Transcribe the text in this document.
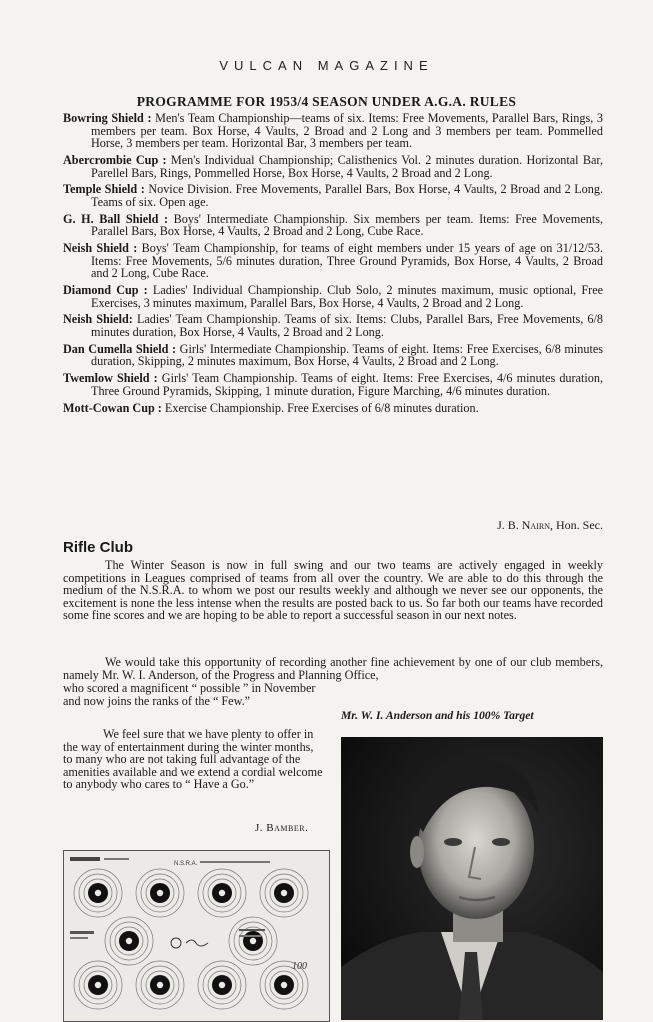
VULCAN MAGAZINE
PROGRAMME FOR 1953/4 SEASON UNDER A.G.A. RULES
Bowring Shield : Men's Team Championship—teams of six. Items: Free Movements, Parallel Bars, Rings, 3 members per team. Box Horse, 4 Vaults, 2 Broad and 2 Long and 3 members per team. Pommelled Horse, 3 members per team. Horizontal Bar, 3 members per team.
Abercrombie Cup : Men's Individual Championship; Calisthenics Vol. 2 minutes duration. Horizontal Bar, Parellel Bars, Rings, Pommelled Horse, Box Horse, 4 Vaults, 2 Broad and 2 Long.
Temple Shield : Novice Division. Free Movements, Parallel Bars, Box Horse, 4 Vaults, 2 Broad and 2 Long. Teams of six. Open age.
G. H. Ball Shield : Boys' Intermediate Championship. Six members per team. Items: Free Movements, Parallel Bars, Box Horse, 4 Vaults, 2 Broad and 2 Long, Cube Race.
Neish Shield : Boys' Team Championship, for teams of eight members under 15 years of age on 31/12/53. Items: Free Movements, 5/6 minutes duration, Three Ground Pyramids, Box Horse, 4 Vaults, 2 Broad and 2 Long, Cube Race.
Diamond Cup : Ladies' Individual Championship. Club Solo, 2 minutes maximum, music optional, Free Exercises, 3 minutes maximum, Parallel Bars, Box Horse, 4 Vaults, 2 Broad and 2 Long.
Neish Shield: Ladies' Team Championship. Teams of six. Items: Clubs, Parallel Bars, Free Movements, 6/8 minutes duration, Box Horse, 4 Vaults, 2 Broad and 2 Long.
Dan Cumella Shield : Girls' Intermediate Championship. Teams of eight. Items: Free Exercises, 6/8 minutes duration, Skipping, 2 minutes maximum, Box Horse, 4 Vaults, 2 Broad and 2 Long.
Twemlow Shield : Girls' Team Championship. Teams of eight. Items: Free Exercises, 4/6 minutes duration, Three Ground Pyramids, Skipping, 1 minute duration, Figure Marching, 4/6 minutes duration.
Mott-Cowan Cup : Exercise Championship. Free Exercises of 6/8 minutes duration.
J. B. Nairn, Hon. Sec.
Rifle Club
The Winter Season is now in full swing and our two teams are actively engaged in weekly competitions in Leagues comprised of teams from all over the country. We are able to do this through the medium of the N.S.R.A. to whom we post our results weekly and although we never see our opponents, the excitement is none the less intense when the results are posted back to us. So far both our teams have recorded some fine scores and we are hoping to be able to report a successful season in our next notes.
We would take this opportunity of recording another fine achievement by one of our club members, namely Mr. W. I. Anderson, of the Progress and Planning Office,
who scored a magnificent “ possible ” in November and now joins the ranks of the “ Few.”
We feel sure that we have plenty to offer in the way of entertainment during the winter months, to many who are not taking full advantage of the amenities available and we extend a cordial welcome to anybody who cares to “ Have a Go.”
J. Bamber.
Mr. W. I. Anderson and his 100% Target
N.S.R.A.
100
